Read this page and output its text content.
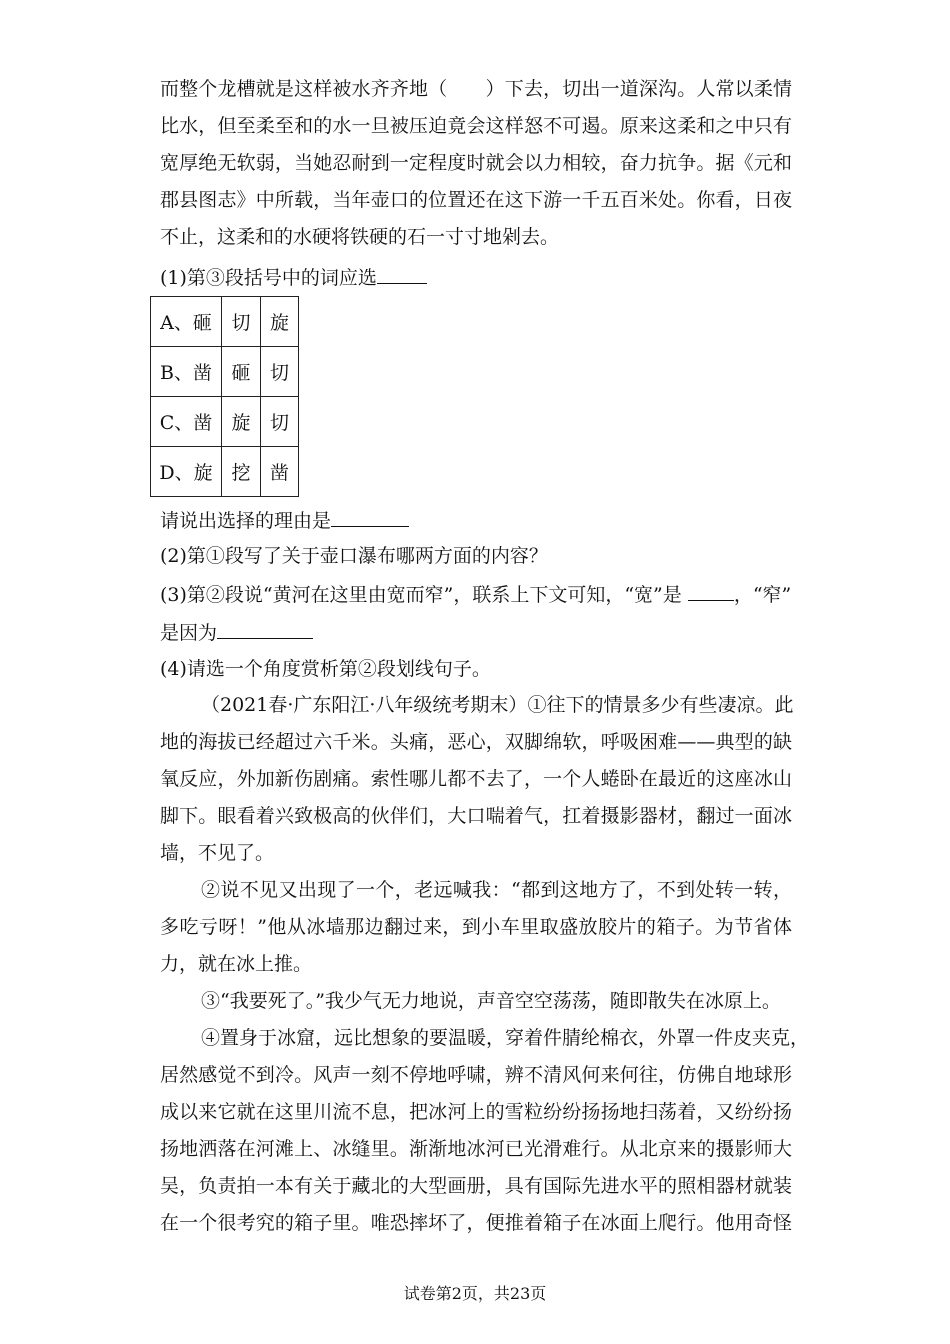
而整个龙槽就是这样被水齐齐地（　　）下去，切出一道深沟。人常以柔情
比水，但至柔至和的水一旦被压迫竟会这样怒不可遏。原来这柔和之中只有
宽厚绝无软弱，当她忍耐到一定程度时就会以力相较，奋力抗争。据《元和
郡县图志》中所载，当年壶口的位置还在这下游一千五百米处。你看，日夜
不止，这柔和的水硬将铁硬的石一寸寸地剁去。
(1)第③段括号中的词应选
A、砸	切	旋
B、凿	砸	切
C、凿	旋	切
D、旋	挖	凿
请说出选择的理由是
(2)第①段写了关于壶口瀑布哪两方面的内容？
(3)第②段说“黄河在这里由宽而窄”，联系上下文可知，“宽”是	，“窄”
是因为
(4)请选一个角度赏析第②段划线句子。
（2021春·广东阳江·八年级统考期末）①往下的情景多少有些凄凉。此
地的海拔已经超过六千米。头痛，恶心，双脚绵软，呼吸困难——典型的缺
氧反应，外加新伤剧痛。索性哪儿都不去了，一个人蜷卧在最近的这座冰山
脚下。眼看着兴致极高的伙伴们，大口喘着气，扛着摄影器材，翻过一面冰
墙，不见了。
②说不见又出现了一个，老远喊我：“都到这地方了，不到处转一转，
多吃亏呀！”他从冰墙那边翻过来，到小车里取盛放胶片的箱子。为节省体
力，就在冰上推。
③“我要死了。”我少气无力地说，声音空空荡荡，随即散失在冰原上。
④置身于冰窟，远比想象的要温暖，穿着件腈纶棉衣，外罩一件皮夹克，
居然感觉不到冷。风声一刻不停地呼啸，辨不清风何来何往，仿佛自地球形
成以来它就在这里川流不息，把冰河上的雪粒纷纷扬扬地扫荡着，又纷纷扬
扬地洒落在河滩上、冰缝里。渐渐地冰河已光滑难行。从北京来的摄影师大
吴，负责拍一本有关于藏北的大型画册，具有国际先进水平的照相器材就装
在一个很考究的箱子里。唯恐摔坏了，便推着箱子在冰面上爬行。他用奇怪
试卷第2页，共23页
